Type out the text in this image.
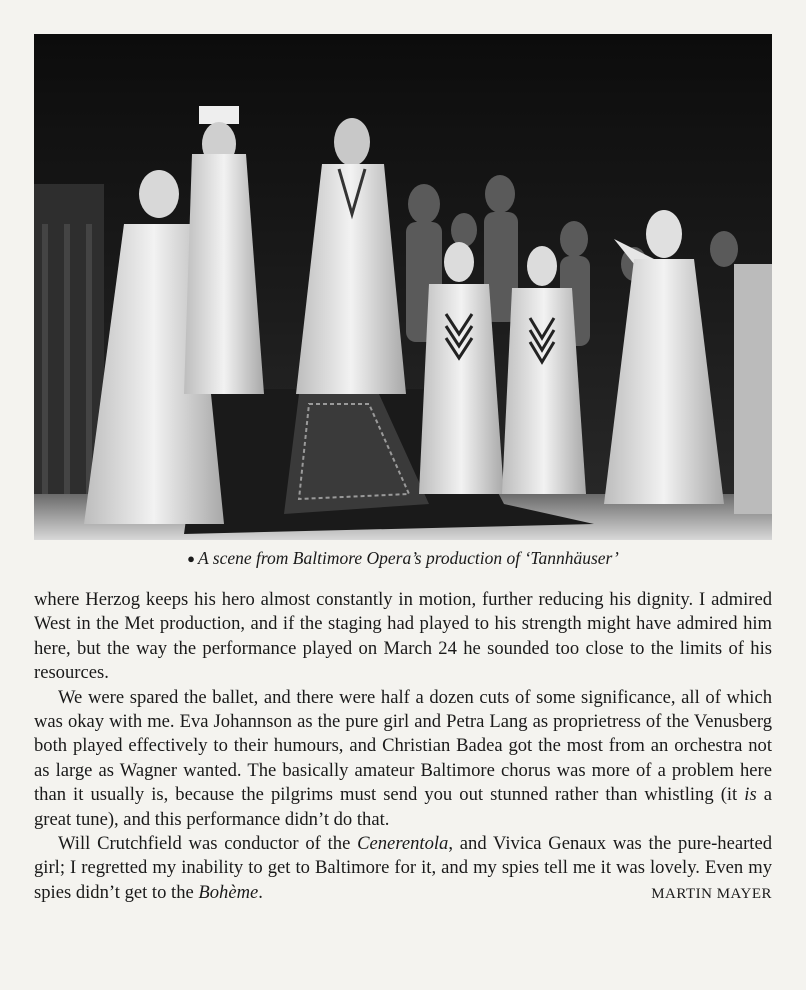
● A scene from Baltimore Opera’s production of ‘Tannhäuser’

where Herzog keeps his hero almost constantly in motion, further reducing his dignity. I admired West in the Met production, and if the staging had played to his strength might have admired him here, but the way the performance played on March 24 he sounded too close to the limits of his resources.

We were spared the ballet, and there were half a dozen cuts of some significance, all of which was okay with me. Eva Johannson as the pure girl and Petra Lang as proprietress of the Venusberg both played effectively to their humours, and Christian Badea got the most from an orchestra not as large as Wagner wanted. The basically amateur Baltimore chorus was more of a problem here than it usually is, because the pilgrims must send you out stunned rather than whistling (it is a great tune), and this performance didn’t do that.

Will Crutchfield was conductor of the Cenerentola, and Vivica Genaux was the pure-hearted girl; I regretted my inability to get to Baltimore for it, and my spies tell me it was lovely. Even my spies didn’t get to the Bohème.	MARTIN MAYER
